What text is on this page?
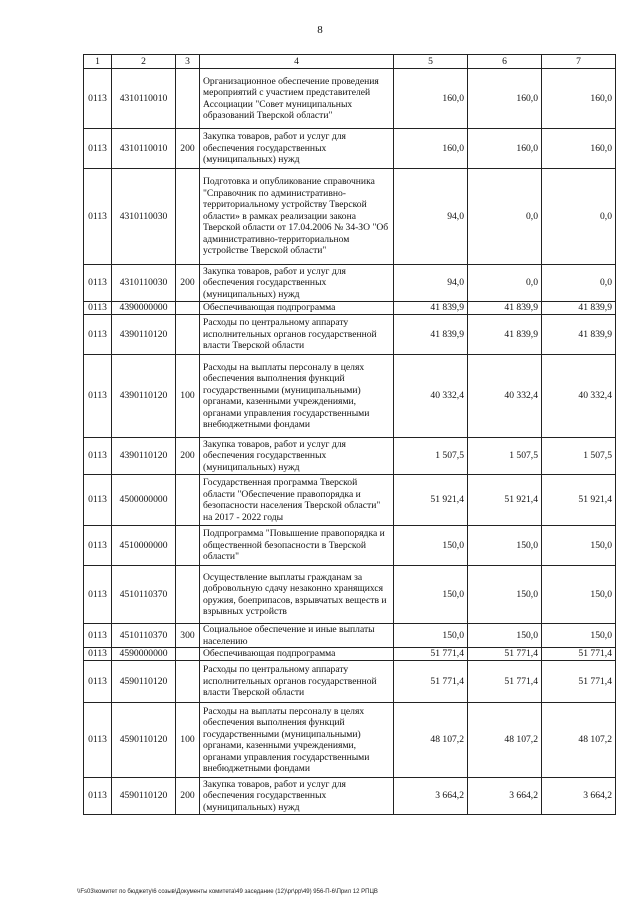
8
1	2	3	4	5	6	7
0113	4310110010		Организационное обеспечение проведения мероприятий с участием представителей Ассоциации "Совет муниципальных образований Тверской области"	160,0	160,0	160,0
0113	4310110010	200	Закупка товаров, работ и услуг для обеспечения государственных (муниципальных) нужд	160,0	160,0	160,0
0113	4310110030		Подготовка и опубликование справочника "Справочник по административно-территориальному устройству Тверской области» в рамках реализации закона Тверской области от 17.04.2006 № 34-ЗО "Об административно-территориальном устройстве Тверской области"	94,0	0,0	0,0
0113	4310110030	200	Закупка товаров, работ и услуг для обеспечения государственных (муниципальных) нужд	94,0	0,0	0,0
0113	4390000000		Обеспечивающая подпрограмма	41 839,9	41 839,9	41 839,9
0113	4390110120		Расходы по центральному аппарату исполнительных органов государственной власти Тверской области	41 839,9	41 839,9	41 839,9
0113	4390110120	100	Расходы на выплаты персоналу в целях обеспечения выполнения функций государственными (муниципальными) органами, казенными учреждениями, органами управления государственными внебюджетными фондами	40 332,4	40 332,4	40 332,4
0113	4390110120	200	Закупка товаров, работ и услуг для обеспечения государственных (муниципальных) нужд	1 507,5	1 507,5	1 507,5
0113	4500000000		Государственная программа Тверской области "Обеспечение правопорядка и безопасности населения Тверской области" на 2017 - 2022 годы	51 921,4	51 921,4	51 921,4
0113	4510000000		Подпрограмма "Повышение правопорядка и общественной безопасности в Тверской области"	150,0	150,0	150,0
0113	4510110370		Осуществление выплаты гражданам за добровольную сдачу незаконно хранящихся оружия, боеприпасов, взрывчатых веществ и взрывных устройств	150,0	150,0	150,0
0113	4510110370	300	Социальное обеспечение и иные выплаты населению	150,0	150,0	150,0
0113	4590000000		Обеспечивающая подпрограмма	51 771,4	51 771,4	51 771,4
0113	4590110120		Расходы по центральному аппарату исполнительных органов государственной власти Тверской области	51 771,4	51 771,4	51 771,4
0113	4590110120	100	Расходы на выплаты персоналу в целях обеспечения выполнения функций государственными (муниципальными) органами, казенными учреждениями, органами управления государственными внебюджетными фондами	48 107,2	48 107,2	48 107,2
0113	4590110120	200	Закупка товаров, работ и услуг для обеспечения государственных (муниципальных) нужд	3 664,2	3 664,2	3 664,2
\\Fs03\комитет по бюджету\6 созыв\Документы комитета\49 заседание (12)\pr\рр\49) 956-П-6\Прил 12 РПЦВ
